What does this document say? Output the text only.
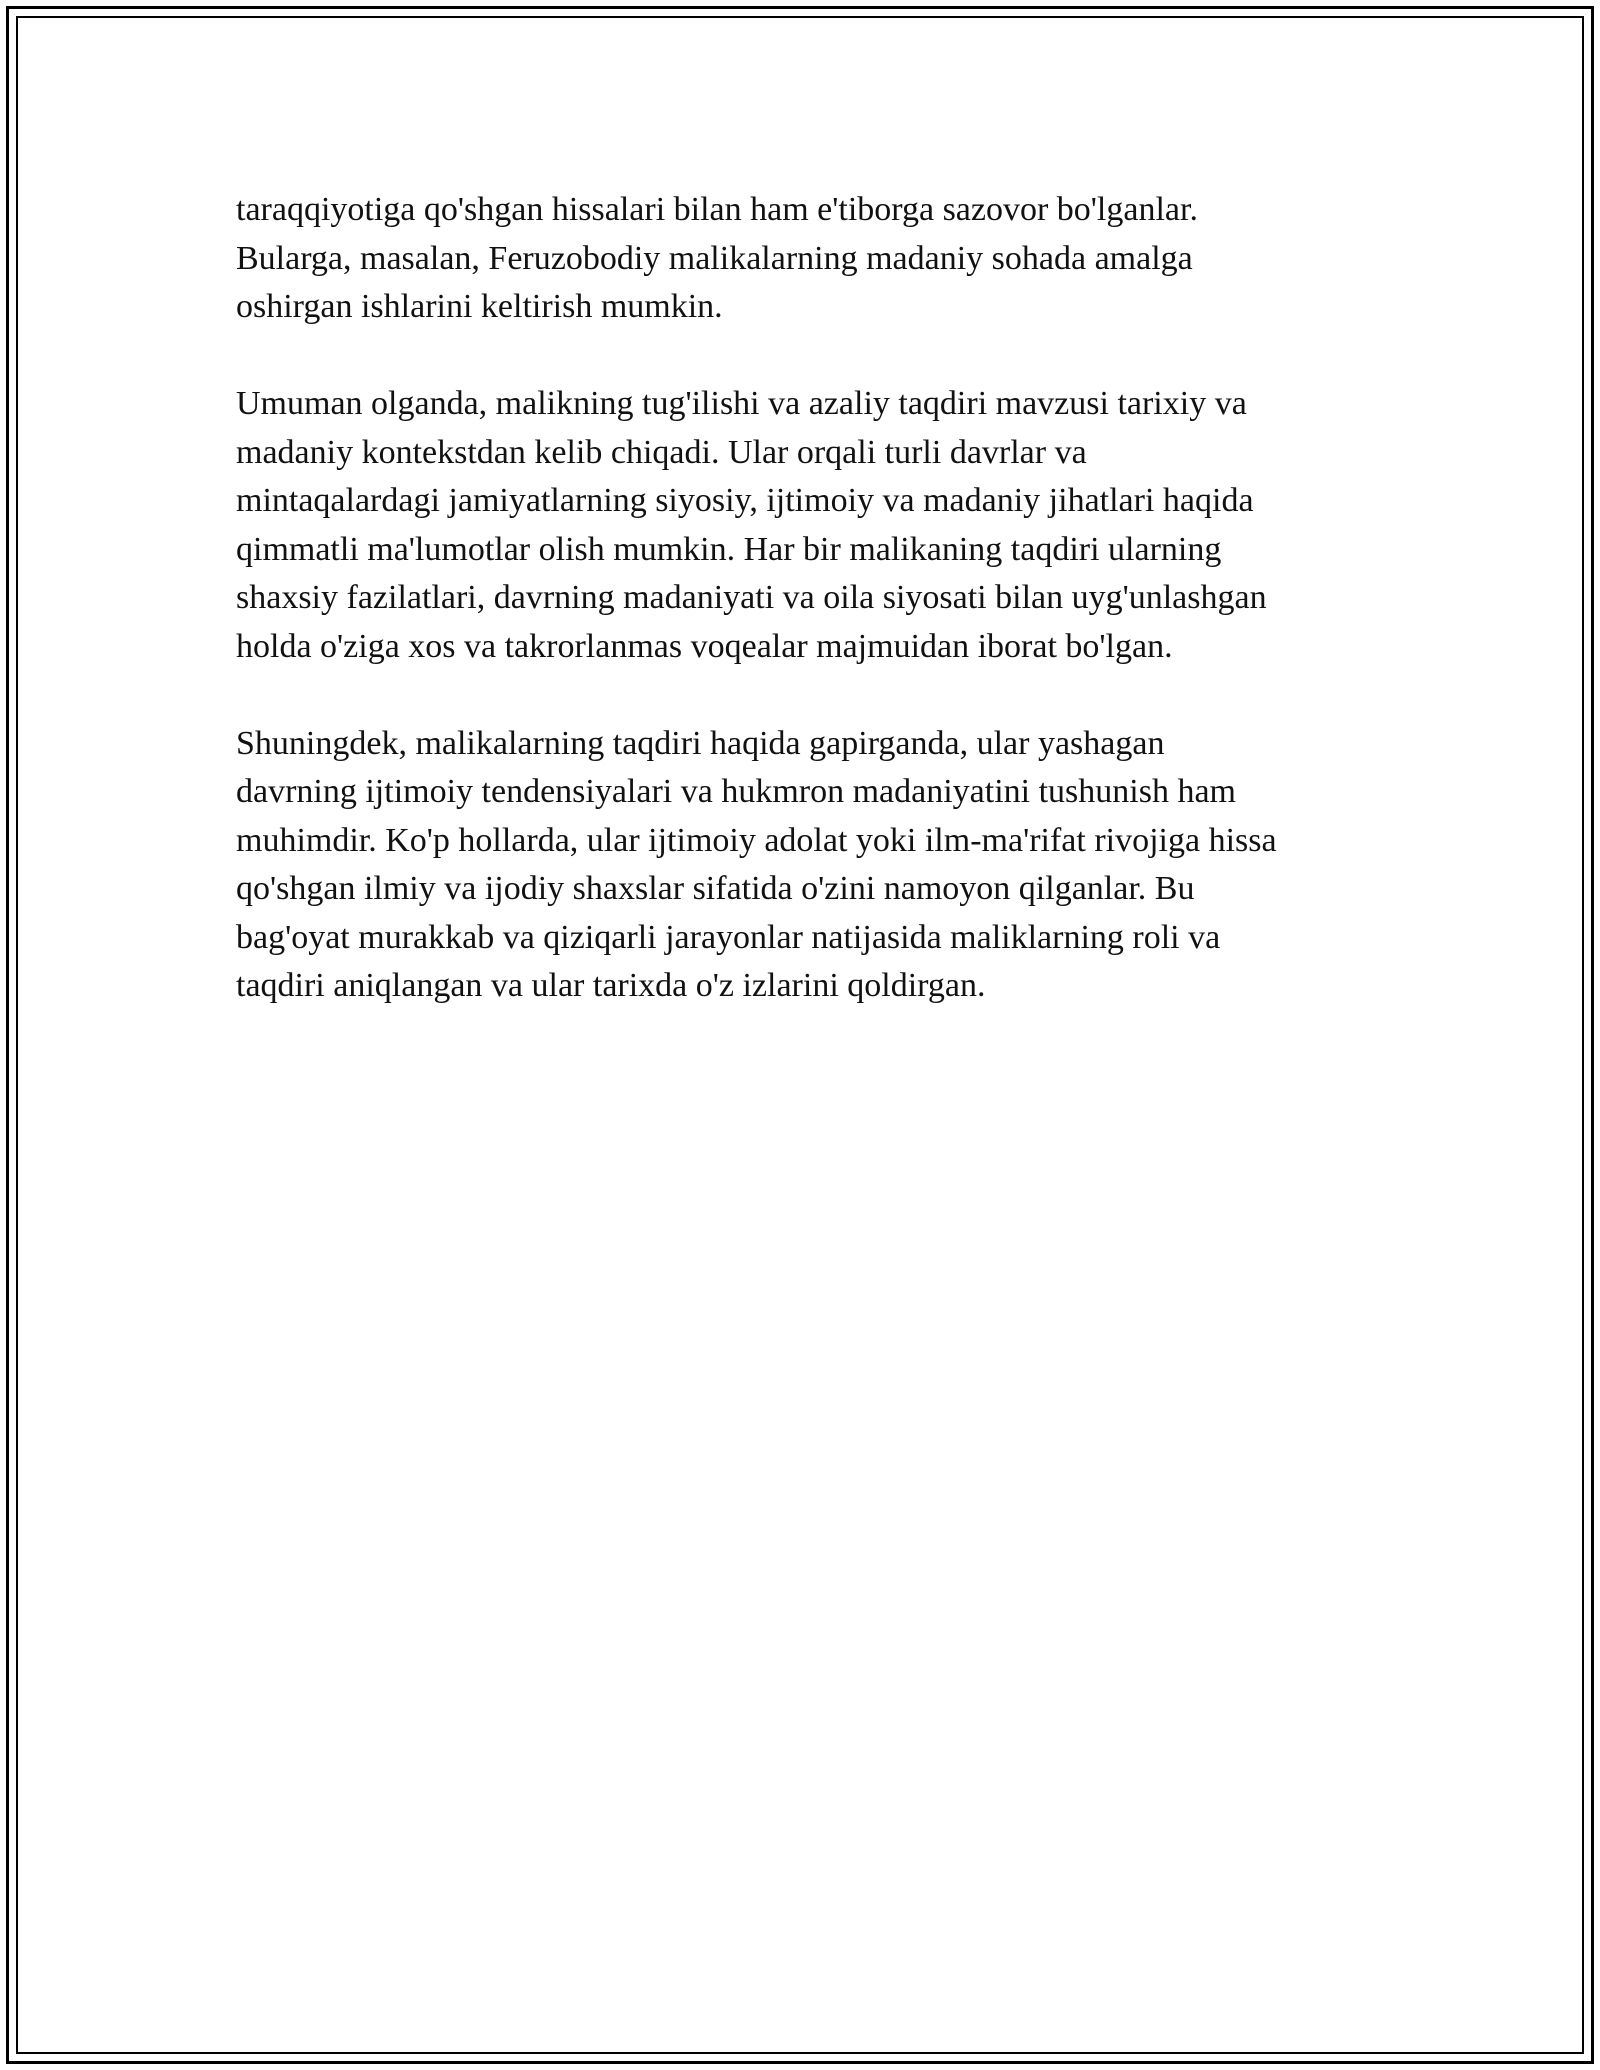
taraqqiyotiga qo'shgan hissalari bilan ham e'tiborga sazovor bo'lganlar.
Bularga, masalan, Feruzobodiy malikalarning madaniy sohada amalga
oshirgan ishlarini keltirish mumkin.

Umuman olganda, malikning tug'ilishi va azaliy taqdiri mavzusi tarixiy va
madaniy kontekstdan kelib chiqadi. Ular orqali turli davrlar va
mintaqalardagi jamiyatlarning siyosiy, ijtimoiy va madaniy jihatlari haqida
qimmatli ma'lumotlar olish mumkin. Har bir malikaning taqdiri ularning
shaxsiy fazilatlari, davrning madaniyati va oila siyosati bilan uyg'unlashgan
holda o'ziga xos va takrorlanmas voqealar majmuidan iborat bo'lgan.

Shuningdek, malikalarning taqdiri haqida gapirganda, ular yashagan
davrning ijtimoiy tendensiyalari va hukmron madaniyatini tushunish ham
muhimdir. Ko'p hollarda, ular ijtimoiy adolat yoki ilm-ma'rifat rivojiga hissa
qo'shgan ilmiy va ijodiy shaxslar sifatida o'zini namoyon qilganlar. Bu
bag'oyat murakkab va qiziqarli jarayonlar natijasida maliklarning roli va
taqdiri aniqlangan va ular tarixda o'z izlarini qoldirgan.
